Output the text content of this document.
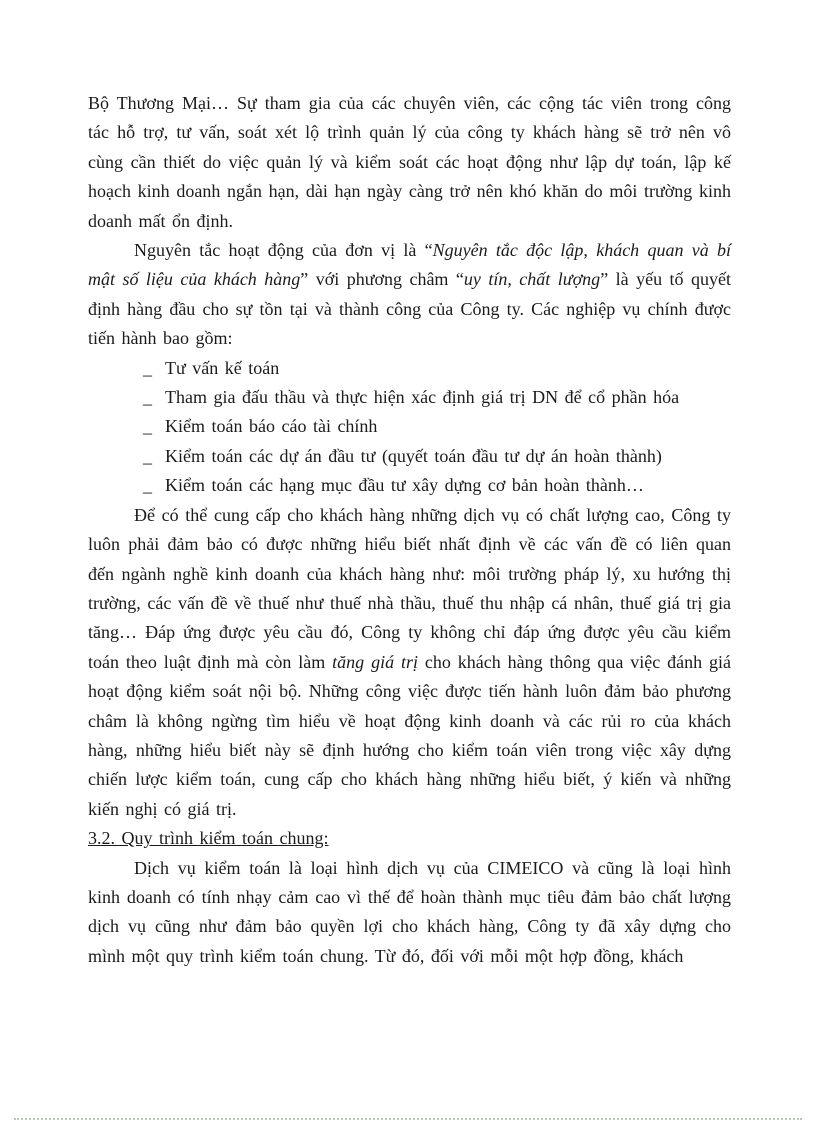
Bộ Thương Mại… Sự tham gia của các chuyên viên, các cộng tác viên trong công tác hỗ trợ, tư vấn, soát xét lộ trình quản lý của công ty khách hàng sẽ trở nên vô cùng cần thiết do việc quản lý và kiểm soát các hoạt động như lập dự toán, lập kế hoạch kinh doanh ngắn hạn, dài hạn ngày càng trở nên khó khăn do môi trường kinh doanh mất ổn định.

Nguyên tắc hoạt động của đơn vị là “Nguyên tắc độc lập, khách quan và bí mật số liệu của khách hàng” với phương châm “uy tín, chất lượng” là yếu tố quyết định hàng đầu cho sự tồn tại và thành công của Công ty. Các nghiệp vụ chính được tiến hành bao gồm:

_ Tư vấn kế toán
_ Tham gia đấu thầu và thực hiện xác định giá trị DN để cổ phần hóa
_ Kiểm toán báo cáo tài chính
_ Kiểm toán các dự án đầu tư (quyết toán đầu tư dự án hoàn thành)
_ Kiểm toán các hạng mục đầu tư xây dựng cơ bản hoàn thành…

Để có thể cung cấp cho khách hàng những dịch vụ có chất lượng cao, Công ty luôn phải đảm bảo có được những hiểu biết nhất định về các vấn đề có liên quan đến ngành nghề kinh doanh của khách hàng như: môi trường pháp lý, xu hướng thị trường, các vấn đề về thuế như thuế nhà thầu, thuế thu nhập cá nhân, thuế giá trị gia tăng… Đáp ứng được yêu cầu đó, Công ty không chỉ đáp ứng được yêu cầu kiểm toán theo luật định mà còn làm tăng giá trị cho khách hàng thông qua việc đánh giá hoạt động kiểm soát nội bộ. Những công việc được tiến hành luôn đảm bảo phương châm là không ngừng tìm hiểu về hoạt động kinh doanh và các rủi ro của khách hàng, những hiểu biết này sẽ định hướng cho kiểm toán viên trong việc xây dựng chiến lược kiểm toán, cung cấp cho khách hàng những hiểu biết, ý kiến và những kiến nghị có giá trị.

3.2. Quy trình kiểm toán chung:

Dịch vụ kiểm toán là loại hình dịch vụ của CIMEICO và cũng là loại hình kinh doanh có tính nhạy cảm cao vì thế để hoàn thành mục tiêu đảm bảo chất lượng dịch vụ cũng như đảm bảo quyền lợi cho khách hàng, Công ty đã xây dựng cho mình một quy trình kiểm toán chung. Từ đó, đối với mỗi một hợp đồng, khách
